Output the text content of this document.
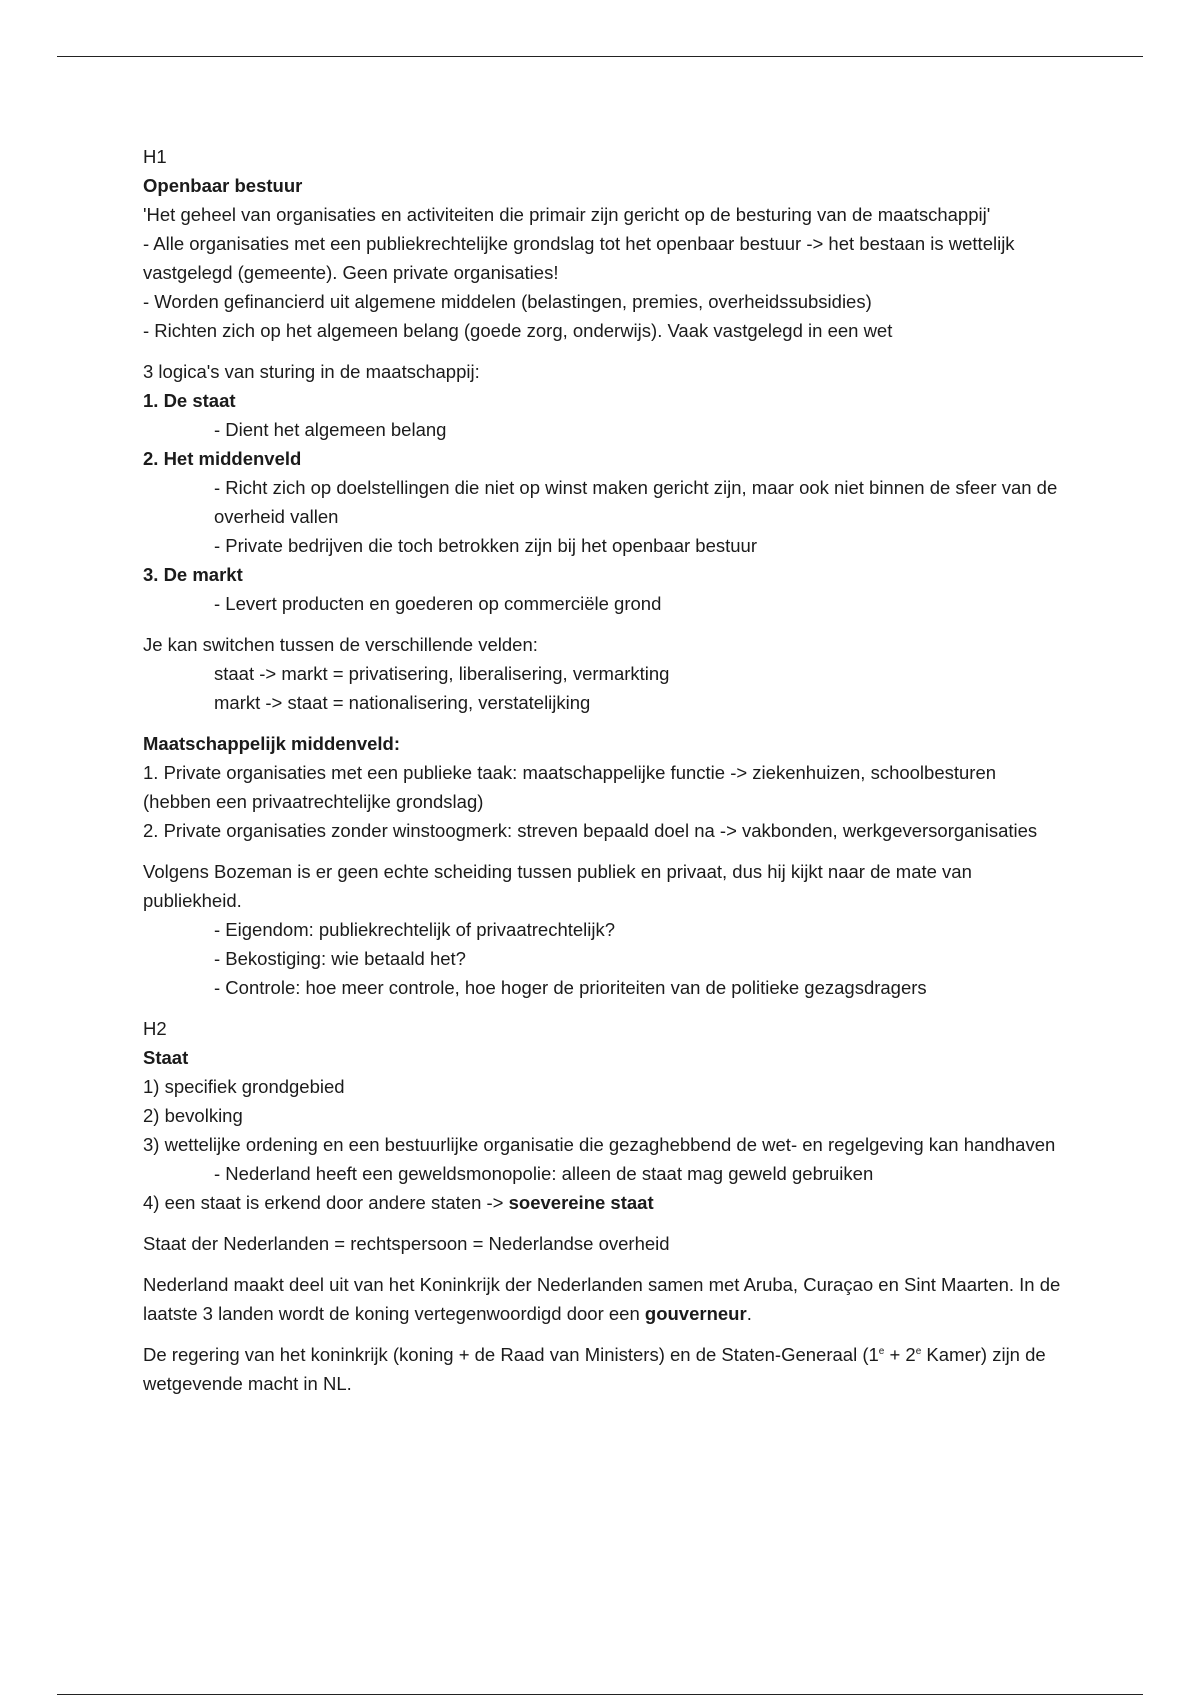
H1

Openbaar bestuur

'Het geheel van organisaties en activiteiten die primair zijn gericht op de besturing van de maatschappij'

- Alle organisaties met een publiekrechtelijke grondslag tot het openbaar bestuur -> het bestaan is wettelijk vastgelegd (gemeente). Geen private organisaties!

- Worden gefinancierd uit algemene middelen (belastingen, premies, overheidssubsidies)

- Richten zich op het algemeen belang (goede zorg, onderwijs). Vaak vastgelegd in een wet

3 logica's van sturing in de maatschappij:

1. De staat

- Dient het algemeen belang

2. Het middenveld

- Richt zich op doelstellingen die niet op winst maken gericht zijn, maar ook niet binnen de sfeer van de overheid vallen

- Private bedrijven die toch betrokken zijn bij het openbaar bestuur

3. De markt

- Levert producten en goederen op commerciële grond

Je kan switchen tussen de verschillende velden:

staat -> markt = privatisering, liberalisering, vermarkting

markt -> staat = nationalisering, verstatelijking

Maatschappelijk middenveld:

1. Private organisaties met een publieke taak: maatschappelijke functie -> ziekenhuizen, schoolbesturen (hebben een privaatrechtelijke grondslag)

2. Private organisaties zonder winstoogmerk: streven bepaald doel na -> vakbonden, werkgeversorganisaties

Volgens Bozeman is er geen echte scheiding tussen publiek en privaat, dus hij kijkt naar de mate van publiekheid.

- Eigendom: publiekrechtelijk of privaatrechtelijk?

- Bekostiging: wie betaald het?

- Controle: hoe meer controle, hoe hoger de prioriteiten van de politieke gezagsdragers

H2

Staat

1) specifiek grondgebied

2) bevolking

3) wettelijke ordening en een bestuurlijke organisatie die gezaghebbend de wet- en regelgeving kan handhaven

- Nederland heeft een geweldsmonopolie: alleen de staat mag geweld gebruiken

4) een staat is erkend door andere staten -> soevereine staat

Staat der Nederlanden = rechtspersoon = Nederlandse overheid

Nederland maakt deel uit van het Koninkrijk der Nederlanden samen met Aruba, Curaçao en Sint Maarten. In de laatste 3 landen wordt de koning vertegenwoordigd door een gouverneur.

De regering van het koninkrijk (koning + de Raad van Ministers) en de Staten-Generaal ($1^e + 2^e$ Kamer) zijn de wetgevende macht in NL.
